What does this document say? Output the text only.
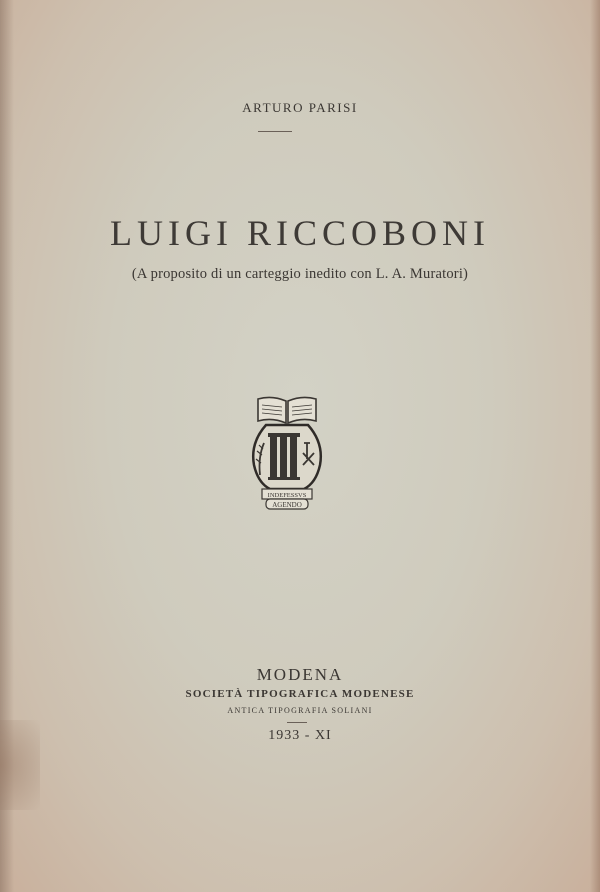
ARTURO PARISI
LUIGI RICCOBONI
(A proposito di un carteggio inedito con L. A. Muratori)
INDEFESSVS
AGENDO
MODENA
SOCIETÀ TIPOGRAFICA MODENESE
ANTICA TIPOGRAFIA SOLIANI
1933 - XI
